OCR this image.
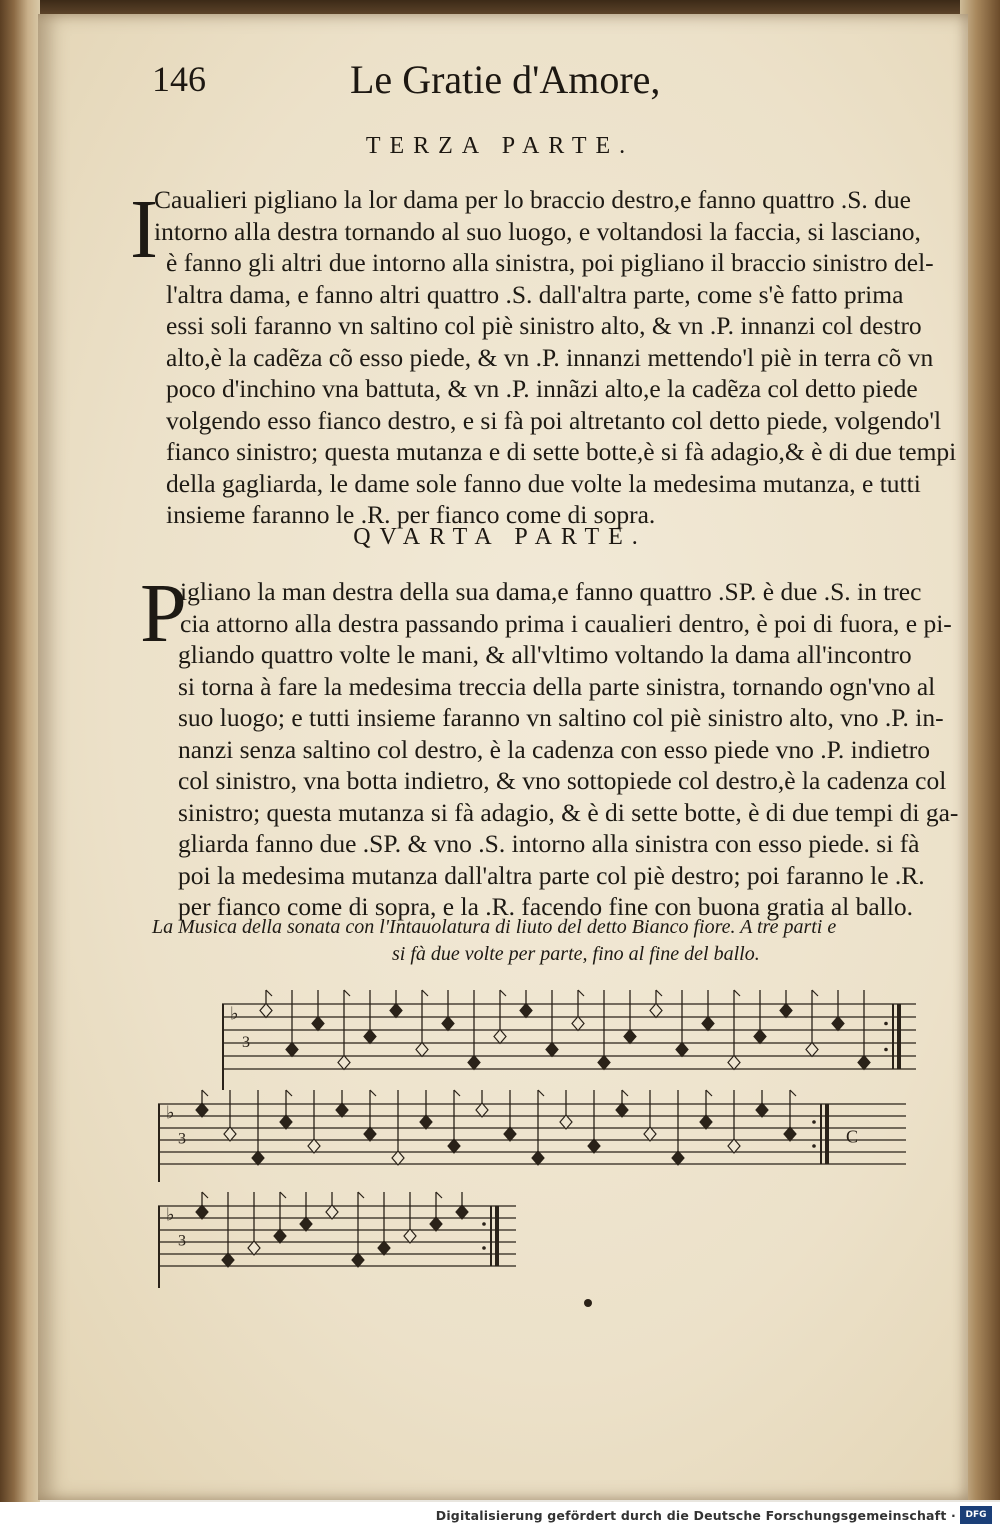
146	Le Gratie d'Amore,
TERZA PARTE.
I
Caualieri pigliano la lor dama per lo braccio destro,e fanno quattro .S. due
intorno alla destra tornando al suo luogo, e voltandosi la faccia, si lasciano,
è fanno gli altri due intorno alla sinistra, poi pigliano il braccio sinistro del-
l'altra dama, e fanno altri quattro .S. dall'altra parte, come s'è fatto prima
essi soli faranno vn saltino col piè sinistro alto, & vn .P. innanzi col destro
alto,è la cadẽza cõ esso piede, & vn .P. innanzi mettendo'l piè in terra cõ vn
poco d'inchino vna battuta, & vn .P. innãzi alto,e la cadẽza col detto piede
volgendo esso fianco destro, e si fà poi altretanto col detto piede, volgendo'l
fianco sinistro; questa mutanza e di sette botte,è si fà adagio,& è di due tempi
della gagliarda, le dame sole fanno due volte la medesima mutanza, e tutti
insieme faranno le .R. per fianco come di sopra.
QVARTA PARTE.
P
igliano la man destra della sua dama,e fanno quattro .SP. è due .S. in trec
cia attorno alla destra passando prima i caualieri dentro, è poi di fuora, e pi-
gliando quattro volte le mani, & all'vltimo voltando la dama all'incontro
si torna à fare la medesima treccia della parte sinistra, tornando ogn'vno al
suo luogo; e tutti insieme faranno vn saltino col piè sinistro alto, vno .P. in-
nanzi senza saltino col destro, è la cadenza con esso piede vno .P. indietro
col sinistro, vna botta indietro, & vno sottopiede col destro,è la cadenza col
sinistro; questa mutanza si fà adagio, & è di sette botte, è di due tempi di ga-
gliarda fanno due .SP. & vno .S. intorno alla sinistra con esso piede. si fà
poi la medesima mutanza dall'altra parte col piè destro; poi faranno le .R.
per fianco come di sopra, e la .R. facendo fine con buona gratia al ballo.
La Musica della sonata con l'Intauolatura di liuto del detto Bianco fiore. A tre parti e
si fà due volte per parte, fino al fine del ballo.
♭
3
♭
3	C
♭
3
Digitalisierung gefördert durch die Deutsche Forschungsgemeinschaft ·	DFG
